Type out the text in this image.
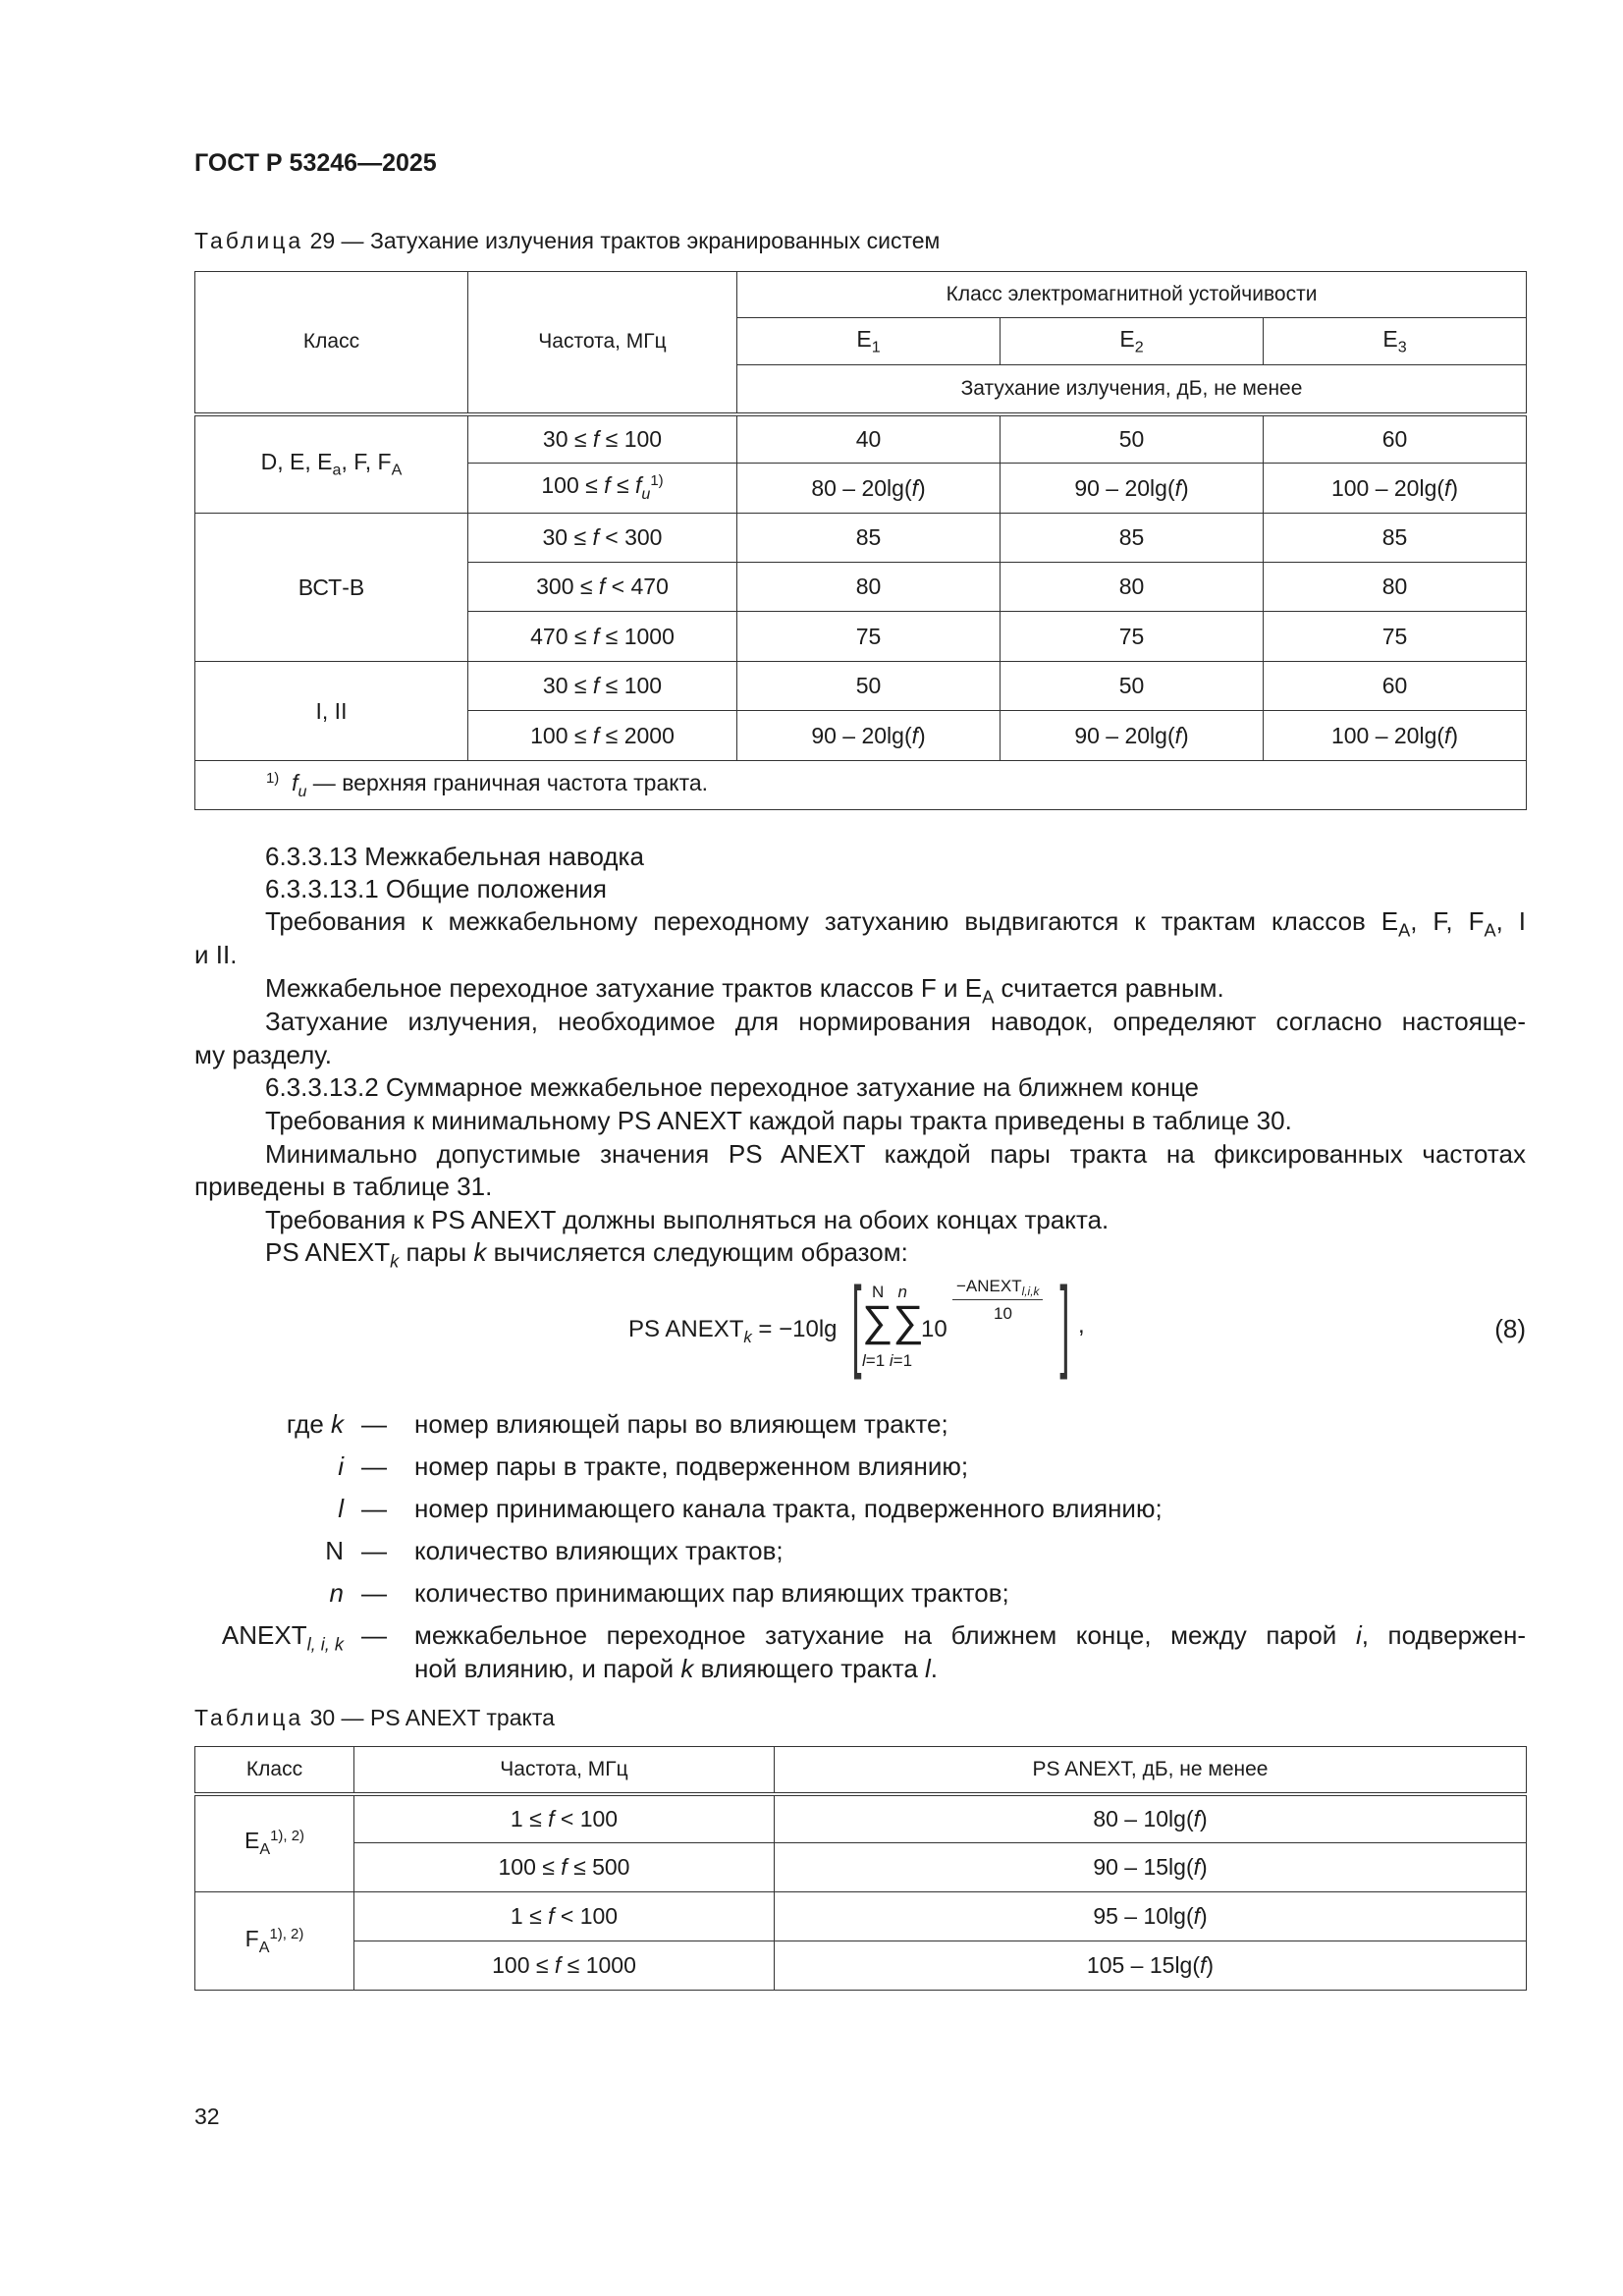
ГОСТ Р 53246—2025
Таблица 29 — Затухание излучения трактов экранированных систем
Класс	Частота, МГц	Класс электромагнитной устойчивости		
		$E_1$	$E_2$	$E_3$
		Затухание излучения, дБ, не менее		
D, E, $E_a$, F, $F_A$	30 ≤ f ≤ 100	40	50	60
	$100 \le f \le f_u^{1)}$	80 – 20lg(f)	90 – 20lg(f)	100 – 20lg(f)
ВСТ-В	30 ≤ f < 300	85	85	85
	300 ≤ f < 470	80	80	80
	470 ≤ f ≤ 1000	75	75	75
I, II	30 ≤ f ≤ 100	50	50	60
	100 ≤ f ≤ 2000	90 – 20lg(f)	90 – 20lg(f)	100 – 20lg(f)
$^{1)}$ $f_u$ — верхняя граничная частота тракта.				
6.3.3.13 Межкабельная наводка
6.3.3.13.1 Общие положения
Требования к межкабельному переходному затуханию выдвигаются к трактам классов $E_A$, F, $F_A$, I
и II.
Межкабельное переходное затухание трактов классов F и $E_A$ считается равным.
Затухание излучения, необходимое для нормирования наводок, определяют согласно настояще-
му разделу.
6.3.3.13.2 Суммарное межкабельное переходное затухание на ближнем конце
Требования к минимальному PS ANEXT каждой пары тракта приведены в таблице 30.
Минимально допустимые значения PS ANEXT каждой пары тракта на фиксированных частотах
приведены в таблице 31.
Требования к PS ANEXT должны выполняться на обоих концах тракта.
PS $ANEXT_k$ пары k вычисляется следующим образом:
PS $ANEXT_k = -10\lg$ [ N   n
∑∑
l=1 i=1
10
$-ANEXT_{l,i,k}$
10 ] ,	(8)
где k — номер влияющей пары во влияющем тракте;
i — номер пары в тракте, подверженном влиянию;
l — номер принимающего канала тракта, подверженного влиянию;
N — количество влияющих трактов;
n — количество принимающих пар влияющих трактов;
$ANEXT_{l, i, k}$ — межкабельное переходное затухание на ближнем конце, между парой i, подвержен-
ной влиянию, и парой k влияющего тракта l.
Таблица 30 — PS ANEXT тракта
Класс	Частота, МГц	PS ANEXT, дБ, не менее
$E_A^{1), 2)}$	1 ≤ f < 100	80 – 10lg(f)
	100 ≤ f ≤ 500	90 – 15lg(f)
$F_A^{1), 2)}$	1 ≤ f < 100	95 – 10lg(f)
	100 ≤ f ≤ 1000	105 – 15lg(f)
32
